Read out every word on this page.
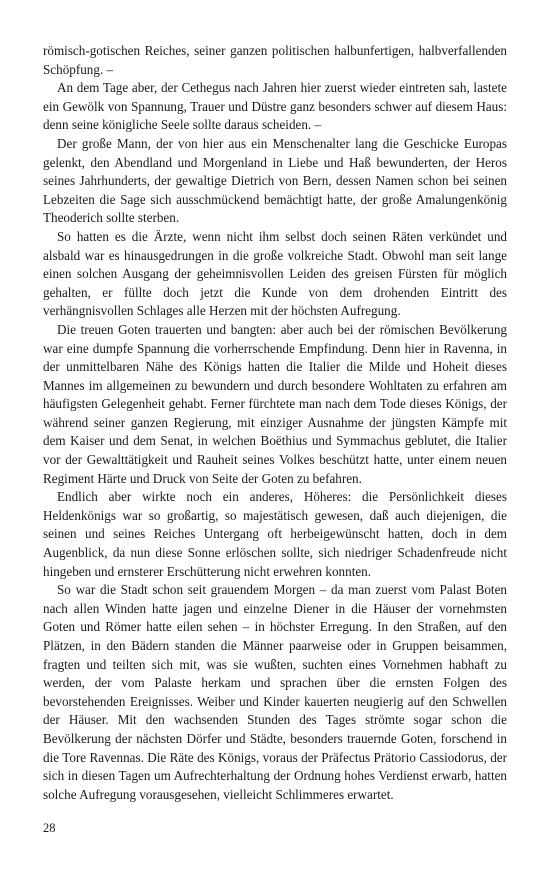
römisch-gotischen Reiches, seiner ganzen politischen halbunfertigen, halbverfallenden Schöpfung. –

An dem Tage aber, der Cethegus nach Jahren hier zuerst wieder eintreten sah, lastete ein Gewölk von Spannung, Trauer und Düstre ganz besonders schwer auf diesem Haus: denn seine königliche Seele sollte daraus scheiden. –

Der große Mann, der von hier aus ein Menschenalter lang die Geschicke Europas gelenkt, den Abendland und Morgenland in Liebe und Haß bewunderten, der Heros seines Jahrhunderts, der gewaltige Dietrich von Bern, dessen Namen schon bei seinen Lebzeiten die Sage sich ausschmückend bemächtigt hatte, der große Amalungenkönig Theoderich sollte sterben.

So hatten es die Ärzte, wenn nicht ihm selbst doch seinen Räten verkündet und alsbald war es hinausgedrungen in die große volkreiche Stadt. Obwohl man seit lange einen solchen Ausgang der geheimnisvollen Leiden des greisen Fürsten für möglich gehalten, er füllte doch jetzt die Kunde von dem drohenden Eintritt des verhängnisvollen Schlages alle Herzen mit der höchsten Aufregung.

Die treuen Goten trauerten und bangten: aber auch bei der römischen Bevölkerung war eine dumpfe Spannung die vorherrschende Empfindung. Denn hier in Ravenna, in der unmittelbaren Nähe des Königs hatten die Italier die Milde und Hoheit dieses Mannes im allgemeinen zu bewundern und durch besondere Wohltaten zu erfahren am häufigsten Gelegenheit gehabt. Ferner fürchtete man nach dem Tode dieses Königs, der während seiner ganzen Regierung, mit einziger Ausnahme der jüngsten Kämpfe mit dem Kaiser und dem Senat, in welchen Boëthius und Symmachus geblutet, die Italier vor der Gewalttätigkeit und Rauheit seines Volkes beschützt hatte, unter einem neuen Regiment Härte und Druck von Seite der Goten zu befahren.

Endlich aber wirkte noch ein anderes, Höheres: die Persönlichkeit dieses Heldenkönigs war so großartig, so majestätisch gewesen, daß auch diejenigen, die seinen und seines Reiches Untergang oft herbeigewünscht hatten, doch in dem Augenblick, da nun diese Sonne erlöschen sollte, sich niedriger Schadenfreude nicht hingeben und ernsterer Erschütterung nicht erwehren konnten.

So war die Stadt schon seit grauendem Morgen – da man zuerst vom Palast Boten nach allen Winden hatte jagen und einzelne Diener in die Häuser der vornehmsten Goten und Römer hatte eilen sehen – in höchster Erregung. In den Straßen, auf den Plätzen, in den Bädern standen die Männer paarweise oder in Gruppen beisammen, fragten und teilten sich mit, was sie wußten, suchten eines Vornehmen habhaft zu werden, der vom Palaste herkam und sprachen über die ernsten Folgen des bevorstehenden Ereignisses. Weiber und Kinder kauerten neugierig auf den Schwellen der Häuser. Mit den wachsenden Stunden des Tages strömte sogar schon die Bevölkerung der nächsten Dörfer und Städte, besonders trauernde Goten, forschend in die Tore Ravennas. Die Räte des Königs, voraus der Präfectus Prätorio Cassiodorus, der sich in diesen Tagen um Aufrechterhaltung der Ordnung hohes Verdienst erwarb, hatten solche Aufregung vorausgesehen, vielleicht Schlimmeres erwartet.

28
